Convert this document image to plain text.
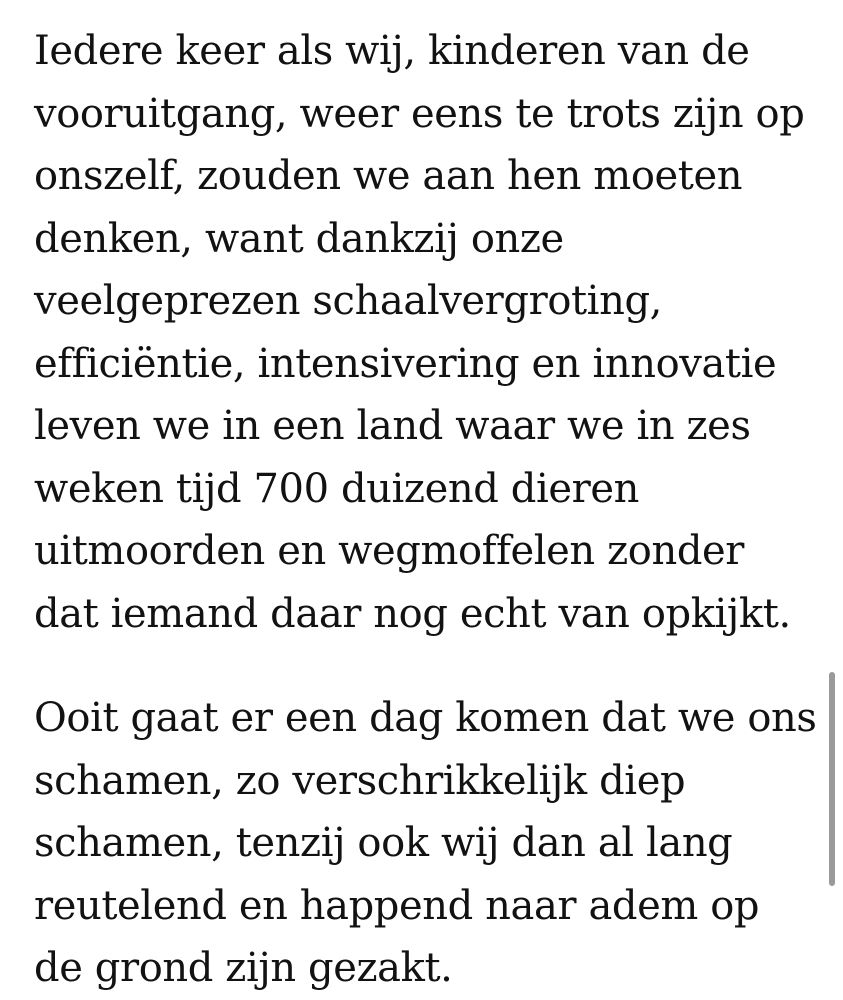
Iedere keer als wij, kinderen van de
vooruitgang, weer eens te trots zijn op
onszelf, zouden we aan hen moeten
denken, want dankzij onze
veelgeprezen schaalvergroting,
efficiëntie, intensivering en innovatie
leven we in een land waar we in zes
weken tijd 700 duizend dieren
uitmoorden en wegmoffelen zonder
dat iemand daar nog echt van opkijkt.

Ooit gaat er een dag komen dat we ons
schamen, zo verschrikkelijk diep
schamen, tenzij ook wij dan al lang
reutelend en happend naar adem op
de grond zijn gezakt.
